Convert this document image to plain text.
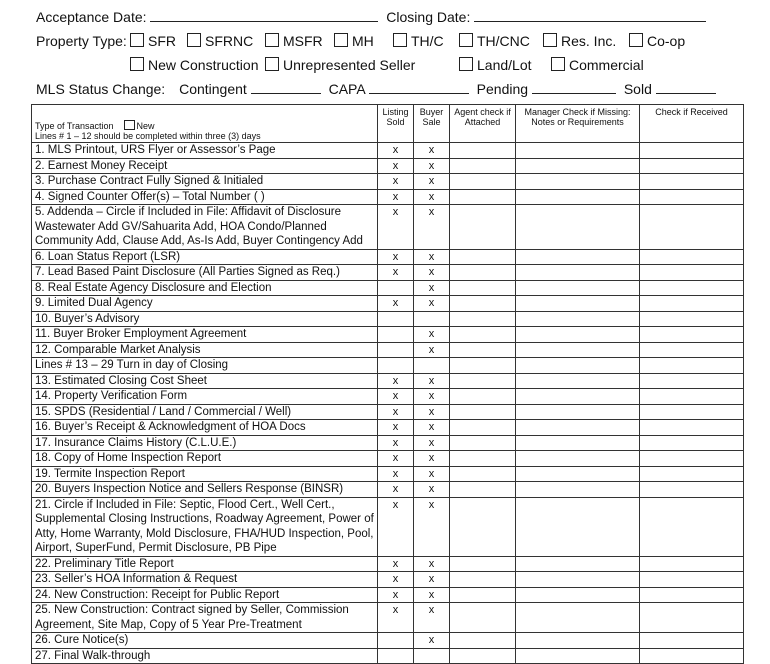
Acceptance Date:	Closing Date:
Property Type:	SFR	SFRNC	MSFR	MH	TH/C	TH/CNC	Res. Inc.	Co-op
New Construction	Unrepresented Seller	Land/Lot	Commercial
MLS Status Change: Contingent	CAPA	Pending	Sold
Type of Transaction New
Lines # 1 – 12 should be completed within three (3) days	Listing Sold	Buyer Sale	Agent check if Attached	Manager Check if Missing: Notes or Requirements	Check if Received
1. MLS Printout, URS Flyer or Assessor’s Page	x	x			
2. Earnest Money Receipt	x	x			
3. Purchase Contract Fully Signed & Initialed	x	x			
4. Signed Counter Offer(s) – Total Number ( )	x	x			
5. Addenda – Circle if Included in File: Affidavit of Disclosure Wastewater Add GV/Sahuarita Add, HOA Condo/Planned Community Add, Clause Add, As-Is Add, Buyer Contingency Add	x	x			
6. Loan Status Report (LSR)	x	x			
7. Lead Based Paint Disclosure (All Parties Signed as Req.)	x	x			
8. Real Estate Agency Disclosure and Election		x			
9. Limited Dual Agency	x	x			
10. Buyer’s Advisory					
11. Buyer Broker Employment Agreement		x			
12. Comparable Market Analysis		x			
Lines # 13 – 29 Turn in day of Closing					
13. Estimated Closing Cost Sheet	x	x			
14. Property Verification Form	x	x			
15. SPDS (Residential / Land / Commercial / Well)	x	x			
16. Buyer’s Receipt & Acknowledgment of HOA Docs	x	x			
17. Insurance Claims History (C.L.U.E.)	x	x			
18. Copy of Home Inspection Report	x	x			
19. Termite Inspection Report	x	x			
20. Buyers Inspection Notice and Sellers Response (BINSR)	x	x			
21. Circle if Included in File: Septic, Flood Cert., Well Cert., Supplemental Closing Instructions, Roadway Agreement, Power of Atty, Home Warranty, Mold Disclosure, FHA/HUD Inspection, Pool, Airport, SuperFund, Permit Disclosure, PB Pipe	x	x			
22. Preliminary Title Report	x	x			
23. Seller’s HOA Information & Request	x	x			
24. New Construction: Receipt for Public Report	x	x			
25. New Construction: Contract signed by Seller, Commission Agreement, Site Map, Copy of 5 Year Pre-Treatment	x	x			
26. Cure Notice(s)		x			
27. Final Walk-through					
